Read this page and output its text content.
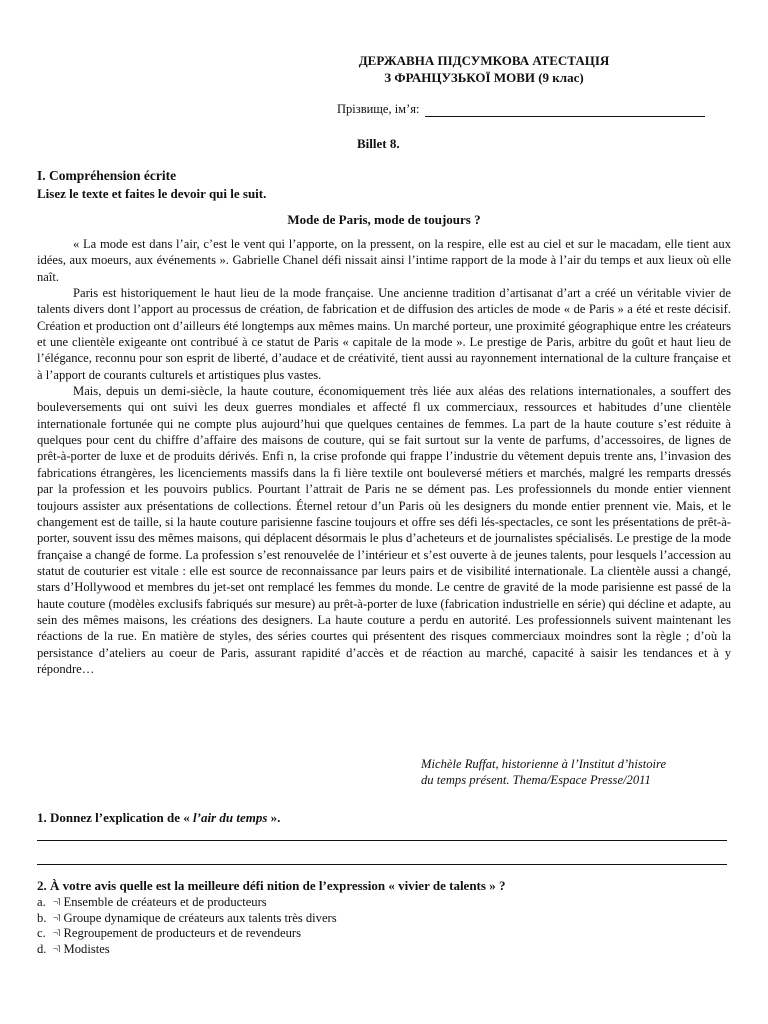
ДЕРЖАВНА ПІДСУМКОВА АТЕСТАЦІЯ
З ФРАНЦУЗЬКОЇ МОВИ (9 клас)
Прізвище, ім’я:
Billet 8.
I. Compréhension écrite
Lisez le texte et faites le devoir qui le suit.
Mode de Paris, mode de toujours ?

« La mode est dans l’air, c’est le vent qui l’apporte, on la pressent, on la respire, elle est au ciel et sur le macadam, elle tient aux idées, aux moeurs, aux événements ». Gabrielle Chanel défi nissait ainsi l’intime rapport de la mode à l’air du temps et aux lieux où elle naît.

Paris est historiquement le haut lieu de la mode française. Une ancienne tradition d’artisanat d’art a créé un véritable vivier de talents divers dont l’apport au processus de création, de fabrication et de diffusion des articles de mode « de Paris » a été et reste décisif. Création et production ont d’ailleurs été longtemps aux mêmes mains. Un marché porteur, une proximité géographique entre les créateurs et une clientèle exigeante ont contribué à ce statut de Paris « capitale de la mode ». Le prestige de Paris, arbitre du goût et haut lieu de l’élégance, reconnu pour son esprit de liberté, d’audace et de créativité, tient aussi au rayonnement international de la culture française et à l’apport de courants culturels et artistiques plus vastes.

Mais, depuis un demi-siècle, la haute couture, économiquement très liée aux aléas des relations internationales, a souffert des bouleversements qui ont suivi les deux guerres mondiales et affecté fl ux commerciaux, ressources et habitudes d’une clientèle internationale fortunée qui ne compte plus aujourd’hui que quelques centaines de femmes. La part de la haute couture s’est réduite à quelques pour cent du chiffre d’affaire des maisons de couture, qui se fait surtout sur la vente de parfums, d’accessoires, de lignes de prêt-à-porter de luxe et de produits dérivés. Enfi n, la crise profonde qui frappe l’industrie du vêtement depuis trente ans, l’invasion des fabrications étrangères, les licenciements massifs dans la fi lière textile ont bouleversé métiers et marchés, malgré les remparts dressés par la profession et les pouvoirs publics. Pourtant l’attrait de Paris ne se dément pas. Les professionnels du monde entier viennent toujours assister aux présentations de collections. Éternel retour d’un Paris où les designers du monde entier prennent vie. Mais, et le changement est de taille, si la haute couture parisienne fascine toujours et offre ses défi lés-spectacles, ce sont les présentations de prêt-à-porter, souvent issu des mêmes maisons, qui déplacent désormais le plus d’acheteurs et de journalistes spécialisés. Le prestige de la mode française a changé de forme. La profession s’est renouvelée de l’intérieur et s’est ouverte à de jeunes talents, pour lesquels l’accession au statut de couturier est vitale : elle est source de reconnaissance par leurs pairs et de visibilité internationale. La clientèle aussi a changé, stars d’Hollywood et membres du jet-set ont remplacé les femmes du monde. Le centre de gravité de la mode parisienne est passé de la haute couture (modèles exclusifs fabriqués sur mesure) au prêt-à-porter de luxe (fabrication industrielle en série) qui décline et adapte, au sein des mêmes maisons, les créations des designers. La haute couture a perdu en autorité. Les professionnels suivent maintenant les réactions de la rue. En matière de styles, des séries courtes qui présentent des risques commerciaux moindres sont la règle ; d’où la persistance d’ateliers au coeur de Paris, assurant rapidité d’accès et de réaction au marché, capacité à saisir les tendances et à y répondre…

Michèle Ruffat, historienne à l’Institut d’histoire
du temps présent. Thema/Espace Presse/2011
1. Donnez l’explication de « l’air du temps ».
2. À votre avis quelle est la meilleure défi nition de l’expression « vivier de talents » ?
a. ¬˥ Ensemble de créateurs et de producteurs
b. ¬˥ Groupe dynamique de créateurs aux talents très divers
c. ¬˥ Regroupement de producteurs et de revendeurs
d. ¬˥ Modistes
